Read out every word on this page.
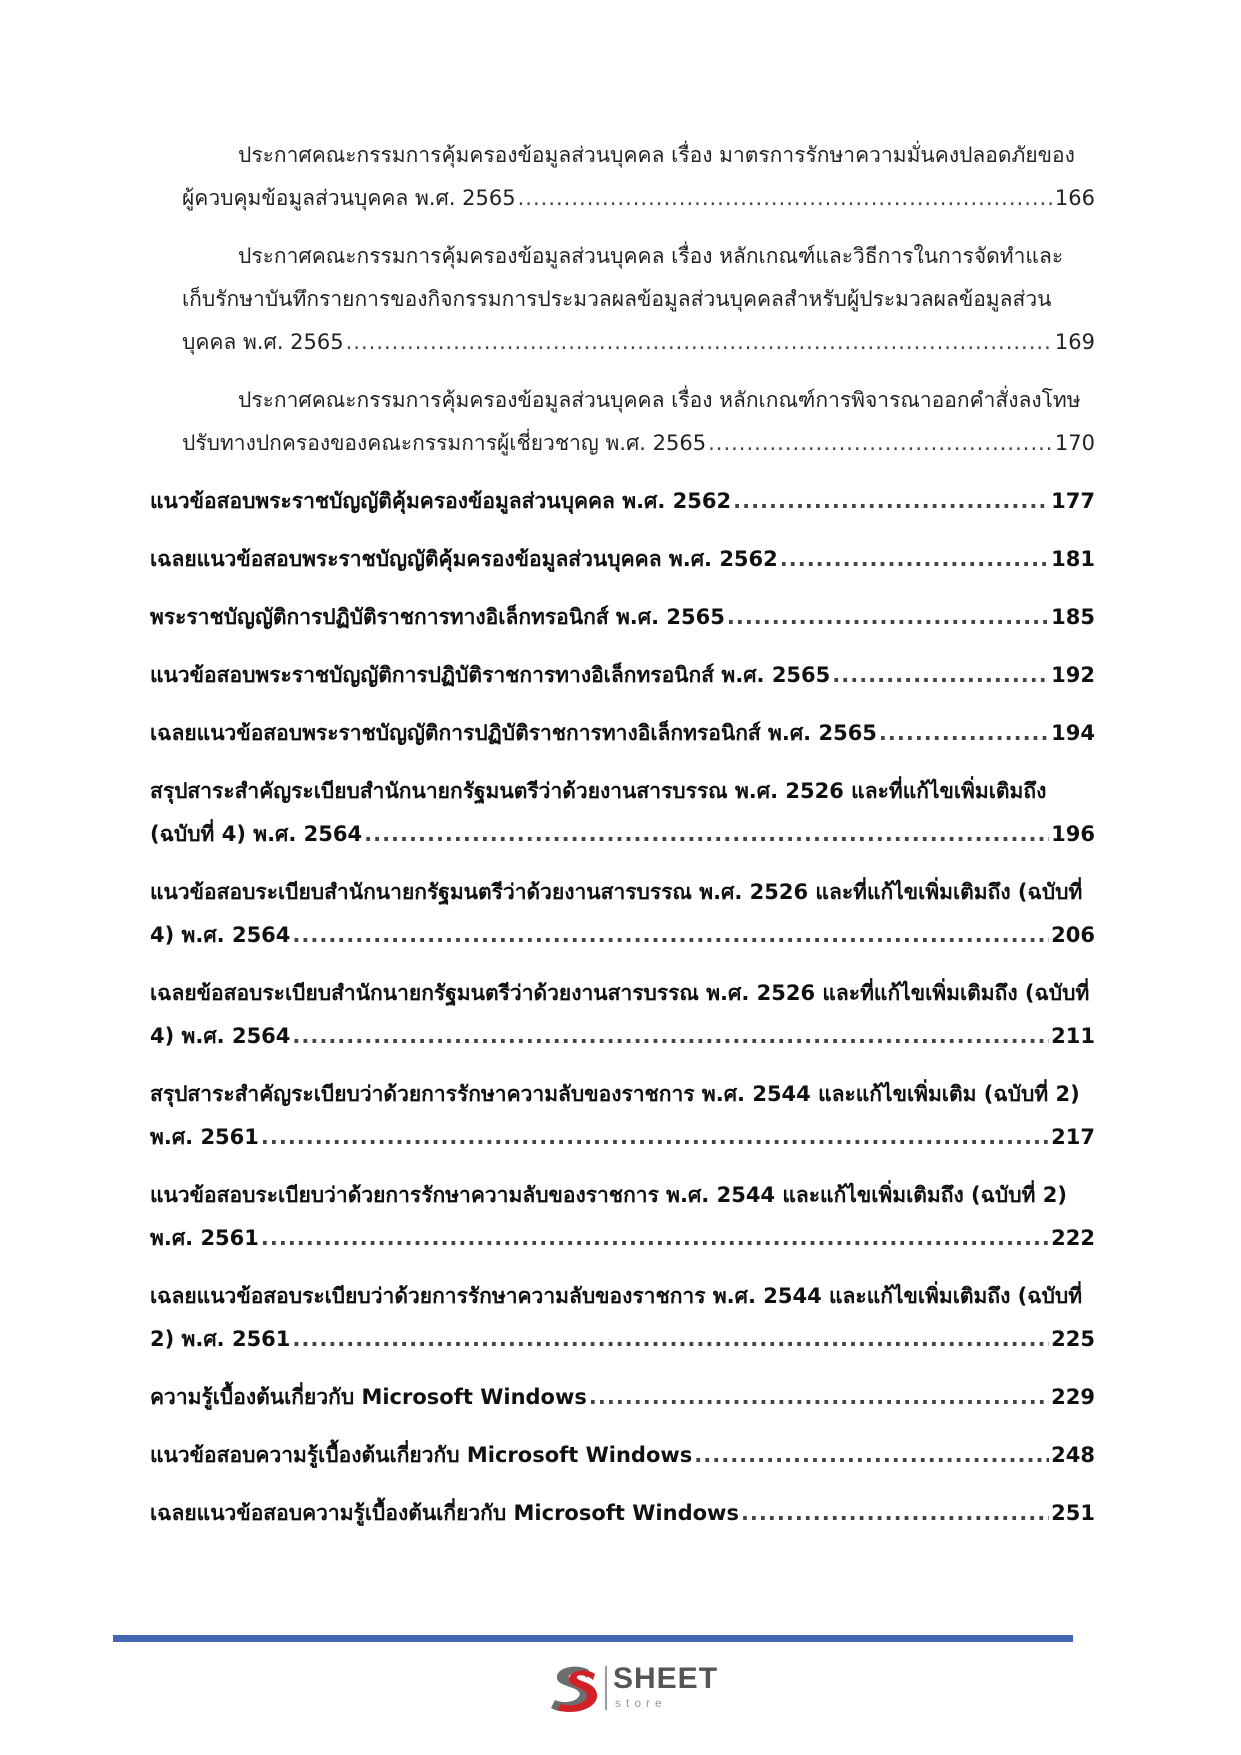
ประกาศคณะกรรมการคุ้มครองข้อมูลส่วนบุคคล เรื่อง มาตรการรักษาความมั่นคงปลอดภัยของ
ผู้ควบคุมข้อมูลส่วนบุคคล พ.ศ. 2565 .....	166
ประกาศคณะกรรมการคุ้มครองข้อมูลส่วนบุคคล เรื่อง หลักเกณฑ์และวิธีการในการจัดทำและ
เก็บรักษาบันทึกรายการของกิจกรรมการประมวลผลข้อมูลส่วนบุคคลสำหรับผู้ประมวลผลข้อมูลส่วน
บุคคล พ.ศ. 2565 .....	169
ประกาศคณะกรรมการคุ้มครองข้อมูลส่วนบุคคล เรื่อง หลักเกณฑ์การพิจารณาออกคำสั่งลงโทษ
ปรับทางปกครองของคณะกรรมการผู้เชี่ยวชาญ พ.ศ. 2565 .....	170
แนวข้อสอบพระราชบัญญัติคุ้มครองข้อมูลส่วนบุคคล พ.ศ. 2562 .....	177
เฉลยแนวข้อสอบพระราชบัญญัติคุ้มครองข้อมูลส่วนบุคคล พ.ศ. 2562 .....	181
พระราชบัญญัติการปฏิบัติราชการทางอิเล็กทรอนิกส์ พ.ศ. 2565 .....	185
แนวข้อสอบพระราชบัญญัติการปฏิบัติราชการทางอิเล็กทรอนิกส์ พ.ศ. 2565 .....	192
เฉลยแนวข้อสอบพระราชบัญญัติการปฏิบัติราชการทางอิเล็กทรอนิกส์ พ.ศ. 2565 .....	194
สรุปสาระสำคัญระเบียบสำนักนายกรัฐมนตรีว่าด้วยงานสารบรรณ พ.ศ. 2526 และที่แก้ไขเพิ่มเติมถึง
(ฉบับที่ 4) พ.ศ. 2564 .....	196
แนวข้อสอบระเบียบสำนักนายกรัฐมนตรีว่าด้วยงานสารบรรณ พ.ศ. 2526 และที่แก้ไขเพิ่มเติมถึง (ฉบับที่
4) พ.ศ. 2564 .....	206
เฉลยข้อสอบระเบียบสำนักนายกรัฐมนตรีว่าด้วยงานสารบรรณ พ.ศ. 2526 และที่แก้ไขเพิ่มเติมถึง (ฉบับที่
4) พ.ศ. 2564 .....	211
สรุปสาระสำคัญระเบียบว่าด้วยการรักษาความลับของราชการ พ.ศ. 2544 และแก้ไขเพิ่มเติม (ฉบับที่ 2)
พ.ศ. 2561 .....	217
แนวข้อสอบระเบียบว่าด้วยการรักษาความลับของราชการ พ.ศ. 2544 และแก้ไขเพิ่มเติมถึง (ฉบับที่ 2)
พ.ศ. 2561 .....	222
เฉลยแนวข้อสอบระเบียบว่าด้วยการรักษาความลับของราชการ พ.ศ. 2544 และแก้ไขเพิ่มเติมถึง (ฉบับที่
2) พ.ศ. 2561 .....	225
ความรู้เบื้องต้นเกี่ยวกับ Microsoft Windows .....	229
แนวข้อสอบความรู้เบื้องต้นเกี่ยวกับ Microsoft Windows .....	248
เฉลยแนวข้อสอบความรู้เบื้องต้นเกี่ยวกับ Microsoft Windows .....	251
SHEET
store
